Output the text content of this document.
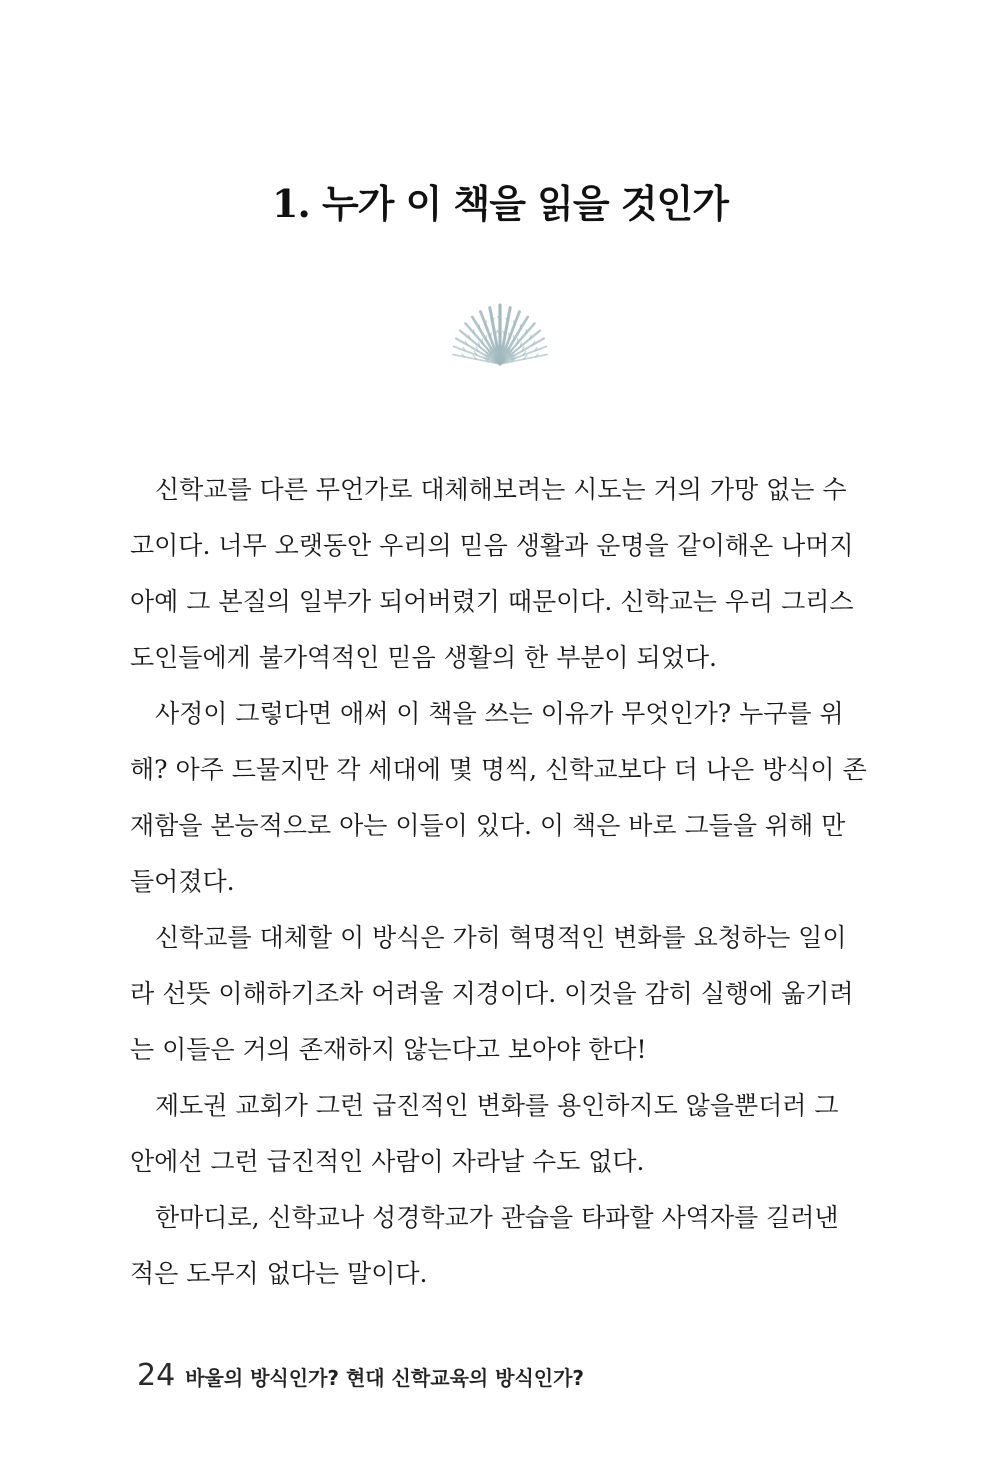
1. 누가 이 책을 읽을 것인가

신학교를 다른 무언가로 대체해보려는 시도는 거의 가망 없는 수
고이다. 너무 오랫동안 우리의 믿음 생활과 운명을 같이해온 나머지
아예 그 본질의 일부가 되어버렸기 때문이다. 신학교는 우리 그리스
도인들에게 불가역적인 믿음 생활의 한 부분이 되었다.

사정이 그렇다면 애써 이 책을 쓰는 이유가 무엇인가? 누구를 위
해? 아주 드물지만 각 세대에 몇 명씩, 신학교보다 더 나은 방식이 존
재함을 본능적으로 아는 이들이 있다. 이 책은 바로 그들을 위해 만
들어졌다.

신학교를 대체할 이 방식은 가히 혁명적인 변화를 요청하는 일이
라 선뜻 이해하기조차 어려울 지경이다. 이것을 감히 실행에 옮기려
는 이들은 거의 존재하지 않는다고 보아야 한다!

제도권 교회가 그런 급진적인 변화를 용인하지도 않을뿐더러 그
안에선 그런 급진적인 사람이 자라날 수도 없다.

한마디로, 신학교나 성경학교가 관습을 타파할 사역자를 길러낸
적은 도무지 없다는 말이다.

24 바울의 방식인가? 현대 신학교육의 방식인가?
